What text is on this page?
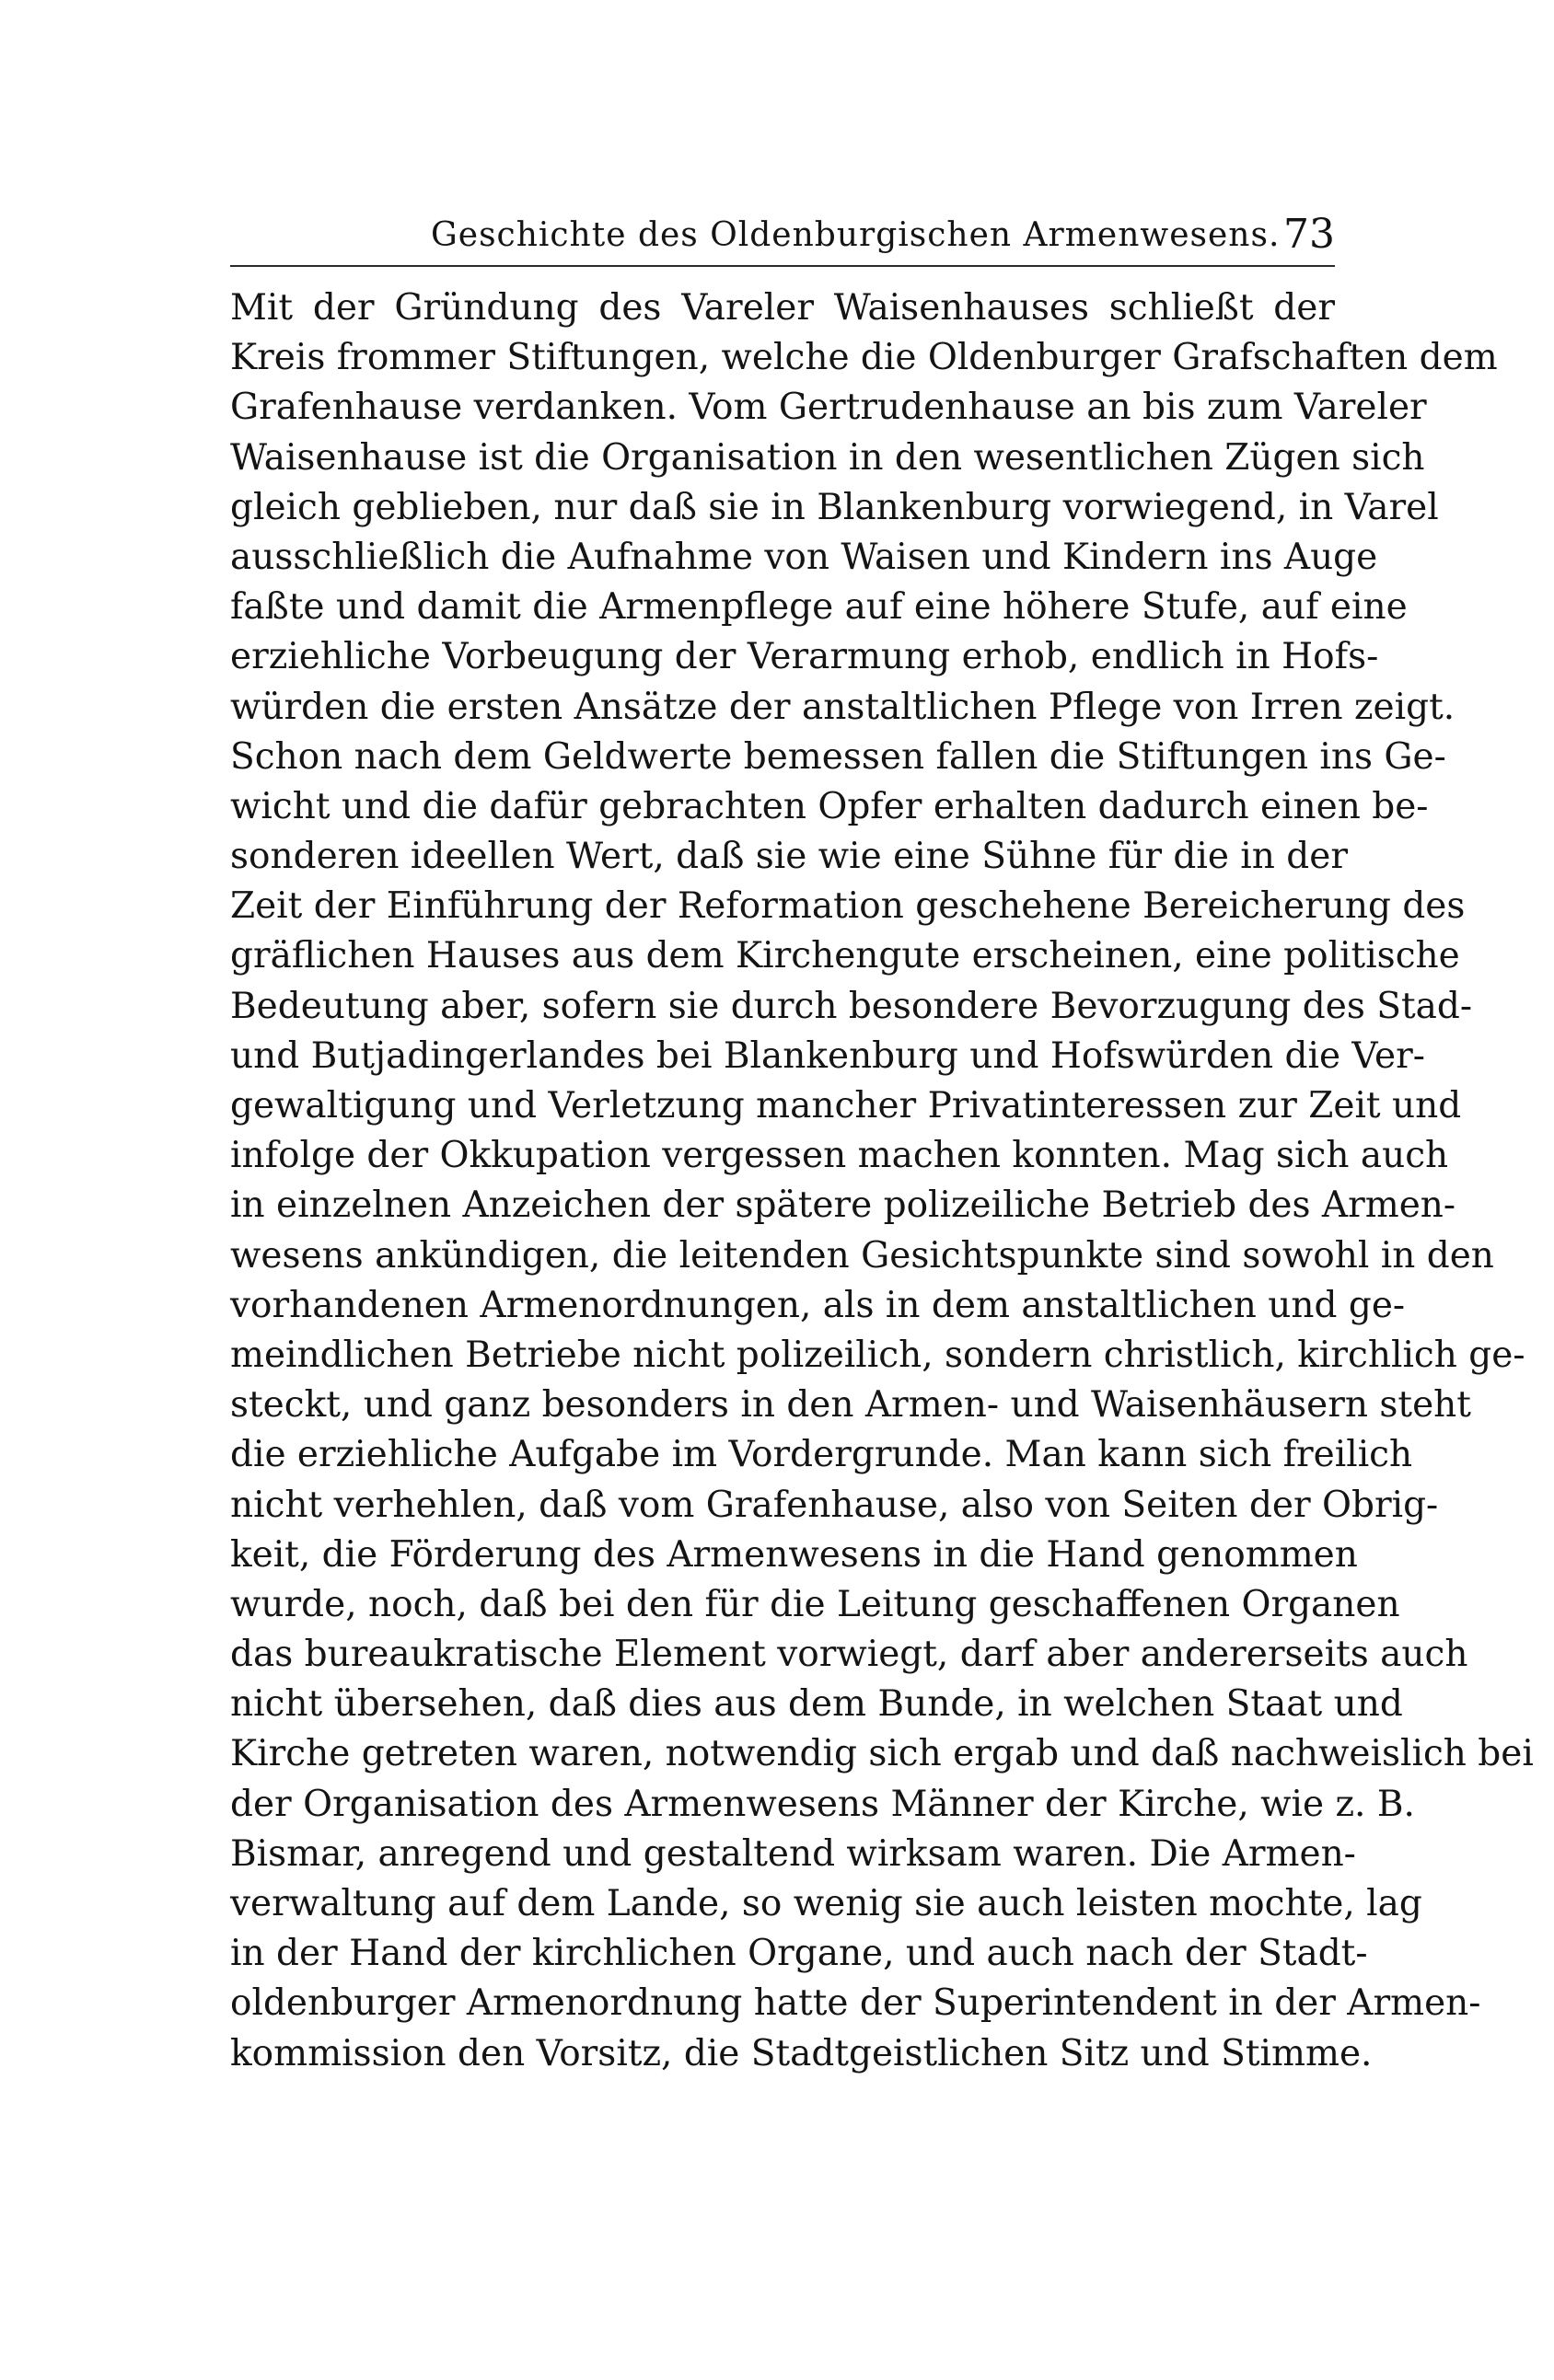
Geschichte des Oldenburgischen Armenwesens. 73
Mit der Gründung des Vareler Waisenhauses schließt der
Kreis frommer Stiftungen, welche die Oldenburger Grafschaften dem
Grafenhause verdanken. Vom Gertrudenhause an bis zum Vareler
Waisenhause ist die Organisation in den wesentlichen Zügen sich
gleich geblieben, nur daß sie in Blankenburg vorwiegend, in Varel
ausschließlich die Aufnahme von Waisen und Kindern ins Auge
faßte und damit die Armenpflege auf eine höhere Stufe, auf eine
erziehliche Vorbeugung der Verarmung erhob, endlich in Hofs-
würden die ersten Ansätze der anstaltlichen Pflege von Irren zeigt.
Schon nach dem Geldwerte bemessen fallen die Stiftungen ins Ge-
wicht und die dafür gebrachten Opfer erhalten dadurch einen be-
sonderen ideellen Wert, daß sie wie eine Sühne für die in der
Zeit der Einführung der Reformation geschehene Bereicherung des
gräflichen Hauses aus dem Kirchengute erscheinen, eine politische
Bedeutung aber, sofern sie durch besondere Bevorzugung des Stad-
und Butjadingerlandes bei Blankenburg und Hofswürden die Ver-
gewaltigung und Verletzung mancher Privatinteressen zur Zeit und
infolge der Okkupation vergessen machen konnten. Mag sich auch
in einzelnen Anzeichen der spätere polizeiliche Betrieb des Armen-
wesens ankündigen, die leitenden Gesichtspunkte sind sowohl in den
vorhandenen Armenordnungen, als in dem anstaltlichen und ge-
meindlichen Betriebe nicht polizeilich, sondern christlich, kirchlich ge-
steckt, und ganz besonders in den Armen- und Waisenhäusern steht
die erziehliche Aufgabe im Vordergrunde. Man kann sich freilich
nicht verhehlen, daß vom Grafenhause, also von Seiten der Obrig-
keit, die Förderung des Armenwesens in die Hand genommen
wurde, noch, daß bei den für die Leitung geschaffenen Organen
das bureaukratische Element vorwiegt, darf aber andererseits auch
nicht übersehen, daß dies aus dem Bunde, in welchen Staat und
Kirche getreten waren, notwendig sich ergab und daß nachweislich bei
der Organisation des Armenwesens Männer der Kirche, wie z. B.
Bismar, anregend und gestaltend wirksam waren. Die Armen-
verwaltung auf dem Lande, so wenig sie auch leisten mochte, lag
in der Hand der kirchlichen Organe, und auch nach der Stadt-
oldenburger Armenordnung hatte der Superintendent in der Armen-
kommission den Vorsitz, die Stadtgeistlichen Sitz und Stimme.
